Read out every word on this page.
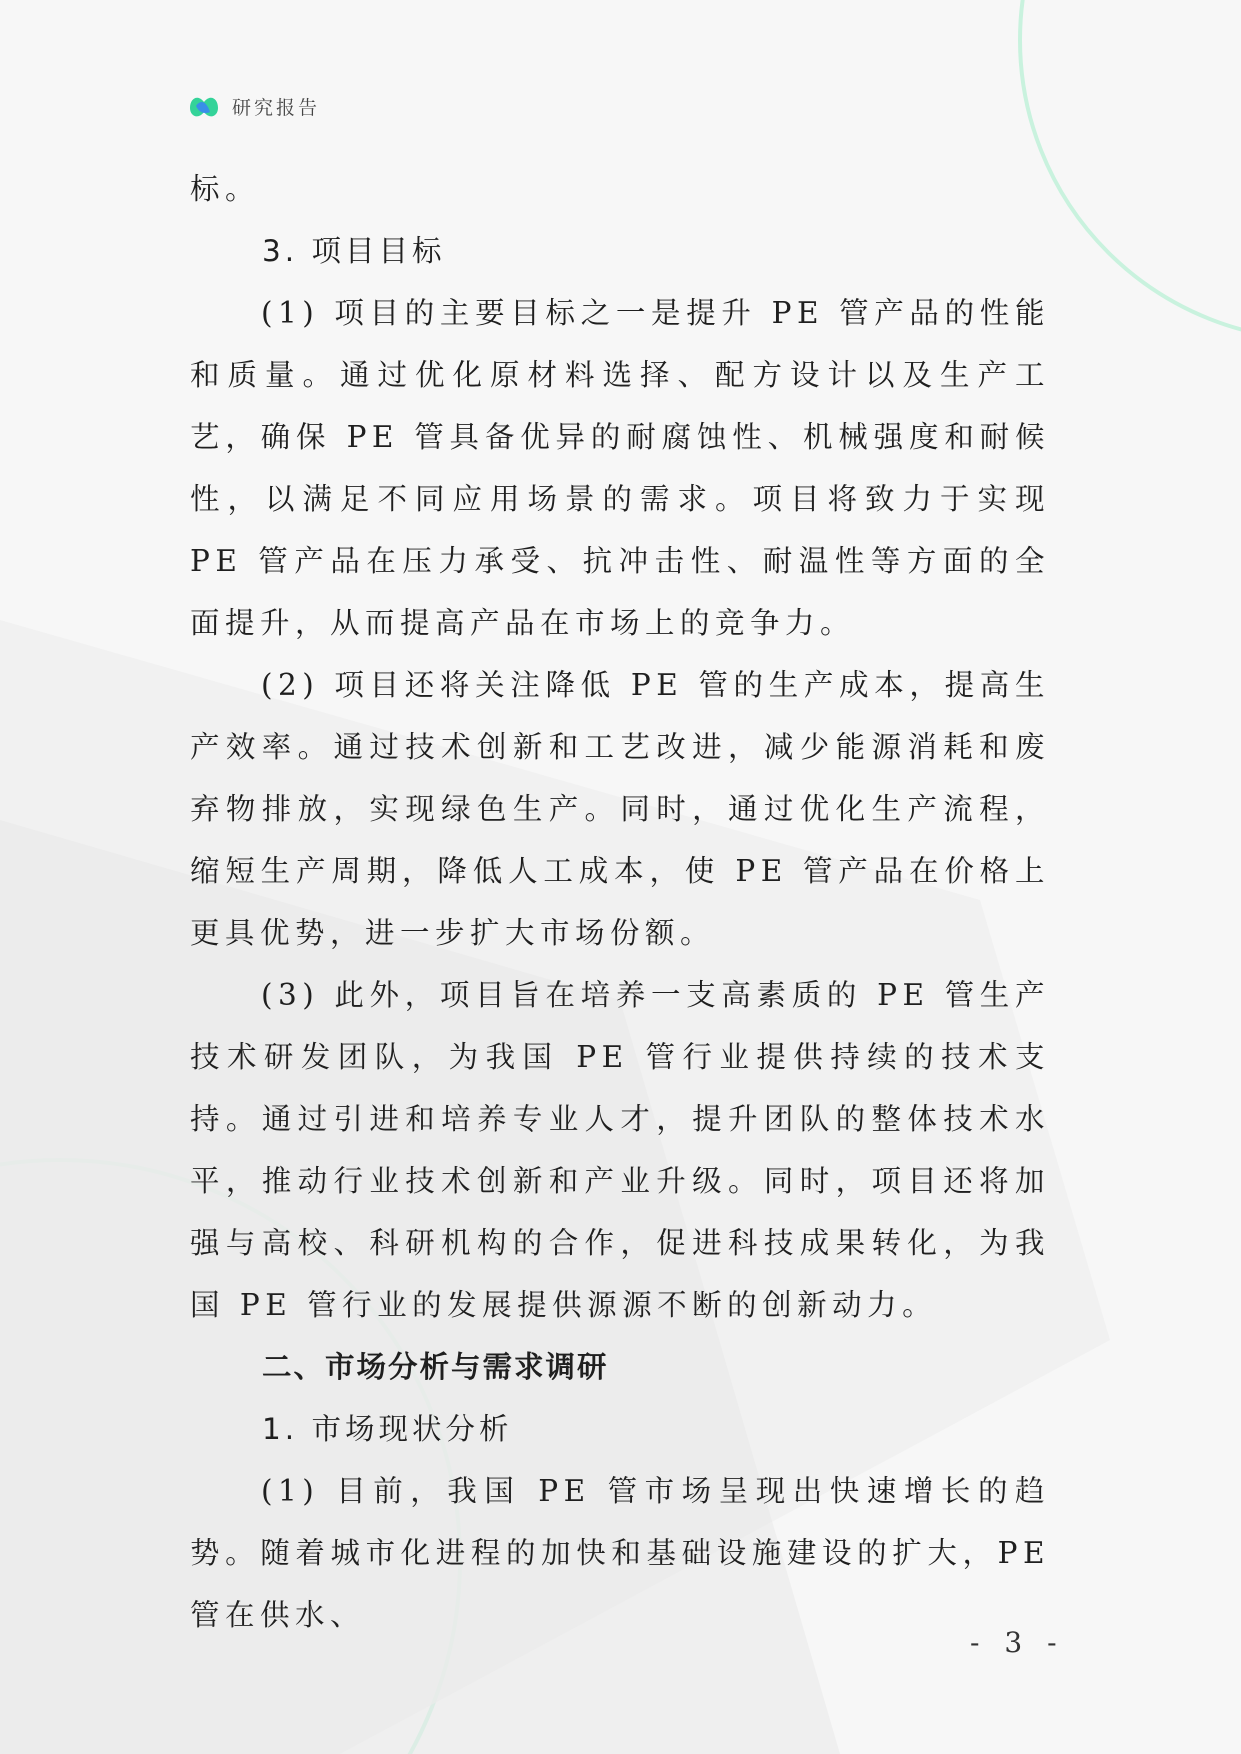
研究报告

标。

3. 项目目标

(1) 项目的主要目标之一是提升 PE 管产品的性能和质量。通过优化原材料选择、配方设计以及生产工艺，确保 PE 管具备优异的耐腐蚀性、机械强度和耐候性，以满足不同应用场景的需求。项目将致力于实现 PE 管产品在压力承受、抗冲击性、耐温性等方面的全面提升，从而提高产品在市场上的竞争力。

(2) 项目还将关注降低 PE 管的生产成本，提高生产效率。通过技术创新和工艺改进，减少能源消耗和废弃物排放，实现绿色生产。同时，通过优化生产流程，缩短生产周期，降低人工成本，使 PE 管产品在价格上更具优势，进一步扩大市场份额。

(3) 此外，项目旨在培养一支高素质的 PE 管生产技术研发团队，为我国 PE 管行业提供持续的技术支持。通过引进和培养专业人才，提升团队的整体技术水平，推动行业技术创新和产业升级。同时，项目还将加强与高校、科研机构的合作，促进科技成果转化，为我国 PE 管行业的发展提供源源不断的创新动力。

二、市场分析与需求调研

1. 市场现状分析

(1) 目前，我国 PE 管市场呈现出快速增长的趋势。随着城市化进程的加快和基础设施建设的扩大，PE 管在供水、

- 3 -
